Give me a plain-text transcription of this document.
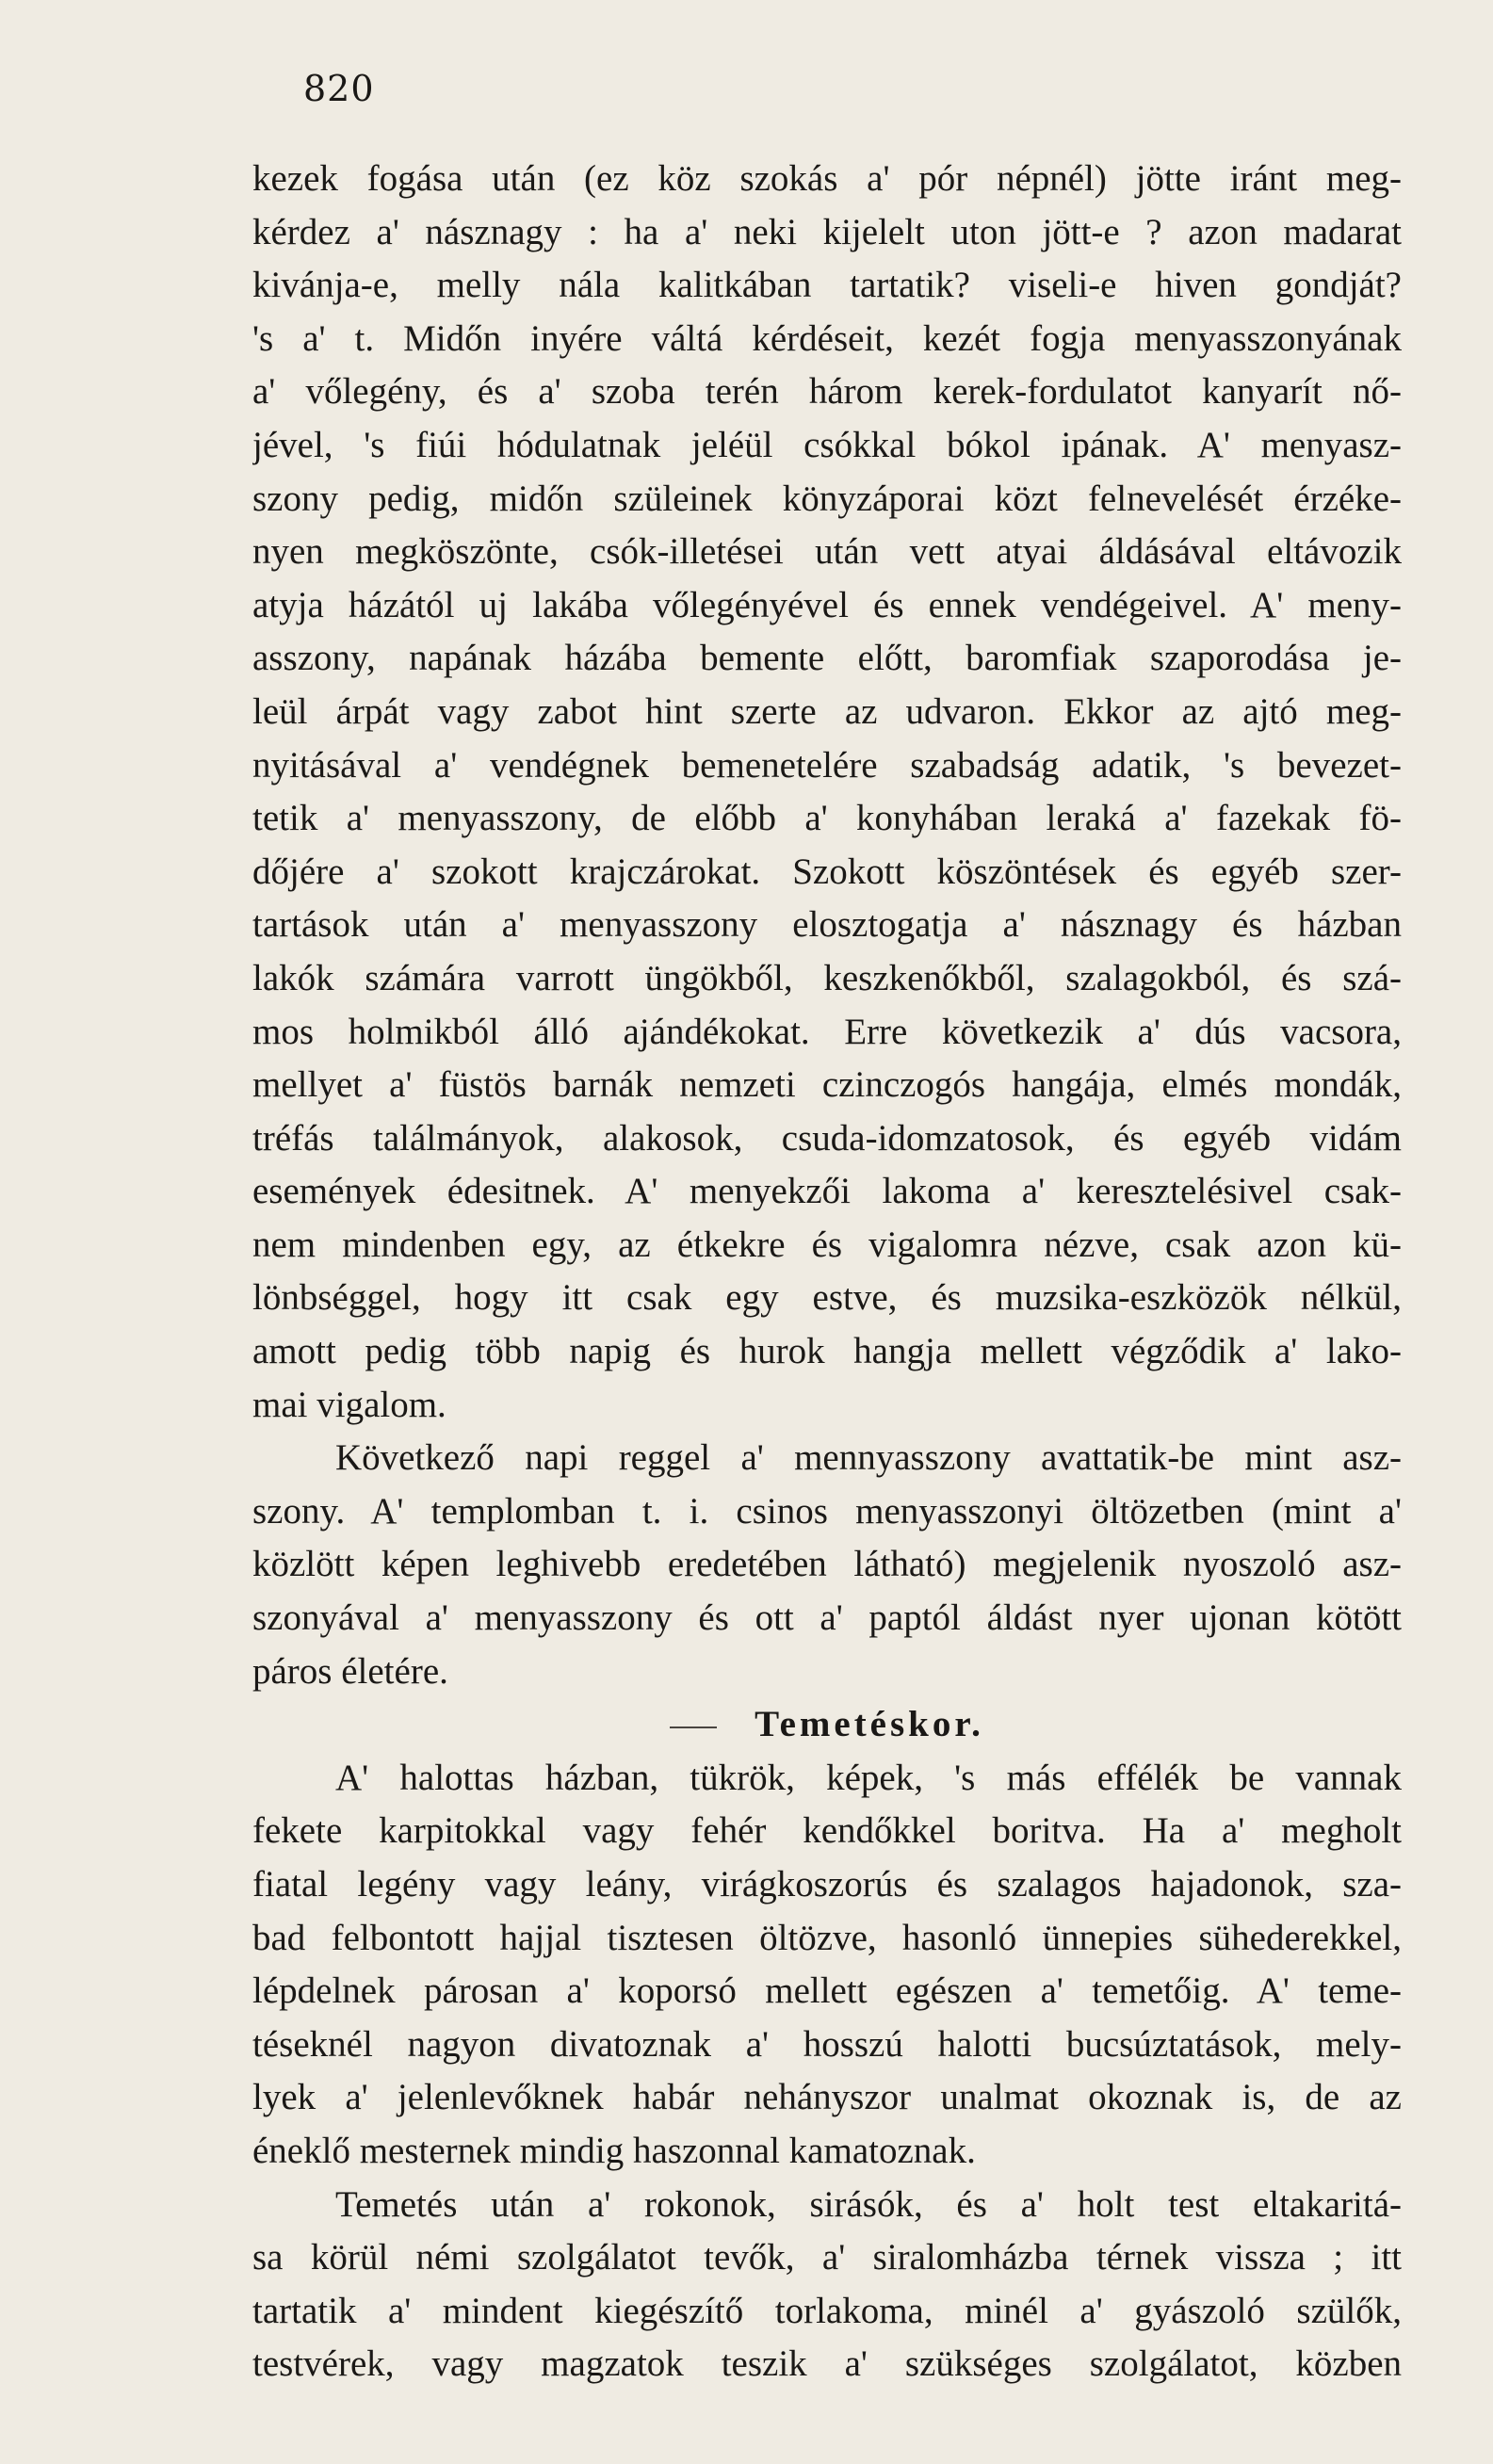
820
kezek fogása után (ez köz szokás a' pór népnél) jötte iránt meg-
kérdez a' násznagy : ha a' neki kijelelt uton jött-e ? azon madarat
kivánja-e, melly nála kalitkában tartatik? viseli-e hiven gondját?
's a' t. Midőn inyére váltá kérdéseit, kezét fogja menyasszonyának
a' vőlegény, és a' szoba terén három kerek-fordulatot kanyarít nő-
jével, 's fiúi hódulatnak jeléül csókkal bókol ipának. A' menyasz-
szony pedig, midőn szüleinek könyzáporai közt felnevelését érzéke-
nyen megköszönte, csók-illetései után vett atyai áldásával eltávozik
atyja házától uj lakába vőlegényével és ennek vendégeivel. A' meny-
asszony, napának házába bemente előtt, baromfiak szaporodása je-
leül árpát vagy zabot hint szerte az udvaron. Ekkor az ajtó meg-
nyitásával a' vendégnek bemenetelére szabadság adatik, 's bevezet-
tetik a' menyasszony, de előbb a' konyhában leraká a' fazekak fö-
dőjére a' szokott krajczárokat. Szokott köszöntések és egyéb szer-
tartások után a' menyasszony elosztogatja a' násznagy és házban
lakók számára varrott üngökből, keszkenőkből, szalagokból, és szá-
mos holmikból álló ajándékokat. Erre következik a' dús vacsora,
mellyet a' füstös barnák nemzeti czinczogós hangája, elmés mondák,
tréfás találmányok, alakosok, csuda-idomzatosok, és egyéb vidám
események édesitnek. A' menyekzői lakoma a' keresztelésivel csak-
nem mindenben egy, az étkekre és vigalomra nézve, csak azon kü-
lönbséggel, hogy itt csak egy estve, és muzsika-eszközök nélkül,
amott pedig több napig és hurok hangja mellett végződik a' lako-
mai vigalom.
Következő napi reggel a' mennyasszony avattatik-be mint asz-
szony. A' templomban t. i. csinos menyasszonyi öltözetben (mint a'
közlött képen leghivebb eredetében látható) megjelenik nyoszoló asz-
szonyával a' menyasszony és ott a' paptól áldást nyer ujonan kötött
páros életére.
Temetéskor.
A' halottas házban, tükrök, képek, 's más effélék be vannak
fekete karpitokkal vagy fehér kendőkkel boritva. Ha a' megholt
fiatal legény vagy leány, virágkoszorús és szalagos hajadonok, sza-
bad felbontott hajjal tisztesen öltözve, hasonló ünnepies sühederekkel,
lépdelnek párosan a' koporsó mellett egészen a' temetőig. A' teme-
téseknél nagyon divatoznak a' hosszú halotti bucsúztatások, mely-
lyek a' jelenlevőknek habár nehányszor unalmat okoznak is, de az
éneklő mesternek mindig haszonnal kamatoznak.
Temetés után a' rokonok, sirásók, és a' holt test eltakaritá-
sa körül némi szolgálatot tevők, a' siralomházba térnek vissza ; itt
tartatik a' mindent kiegészítő torlakoma, minél a' gyászoló szülők,
testvérek, vagy magzatok teszik a' szükséges szolgálatot, közben
